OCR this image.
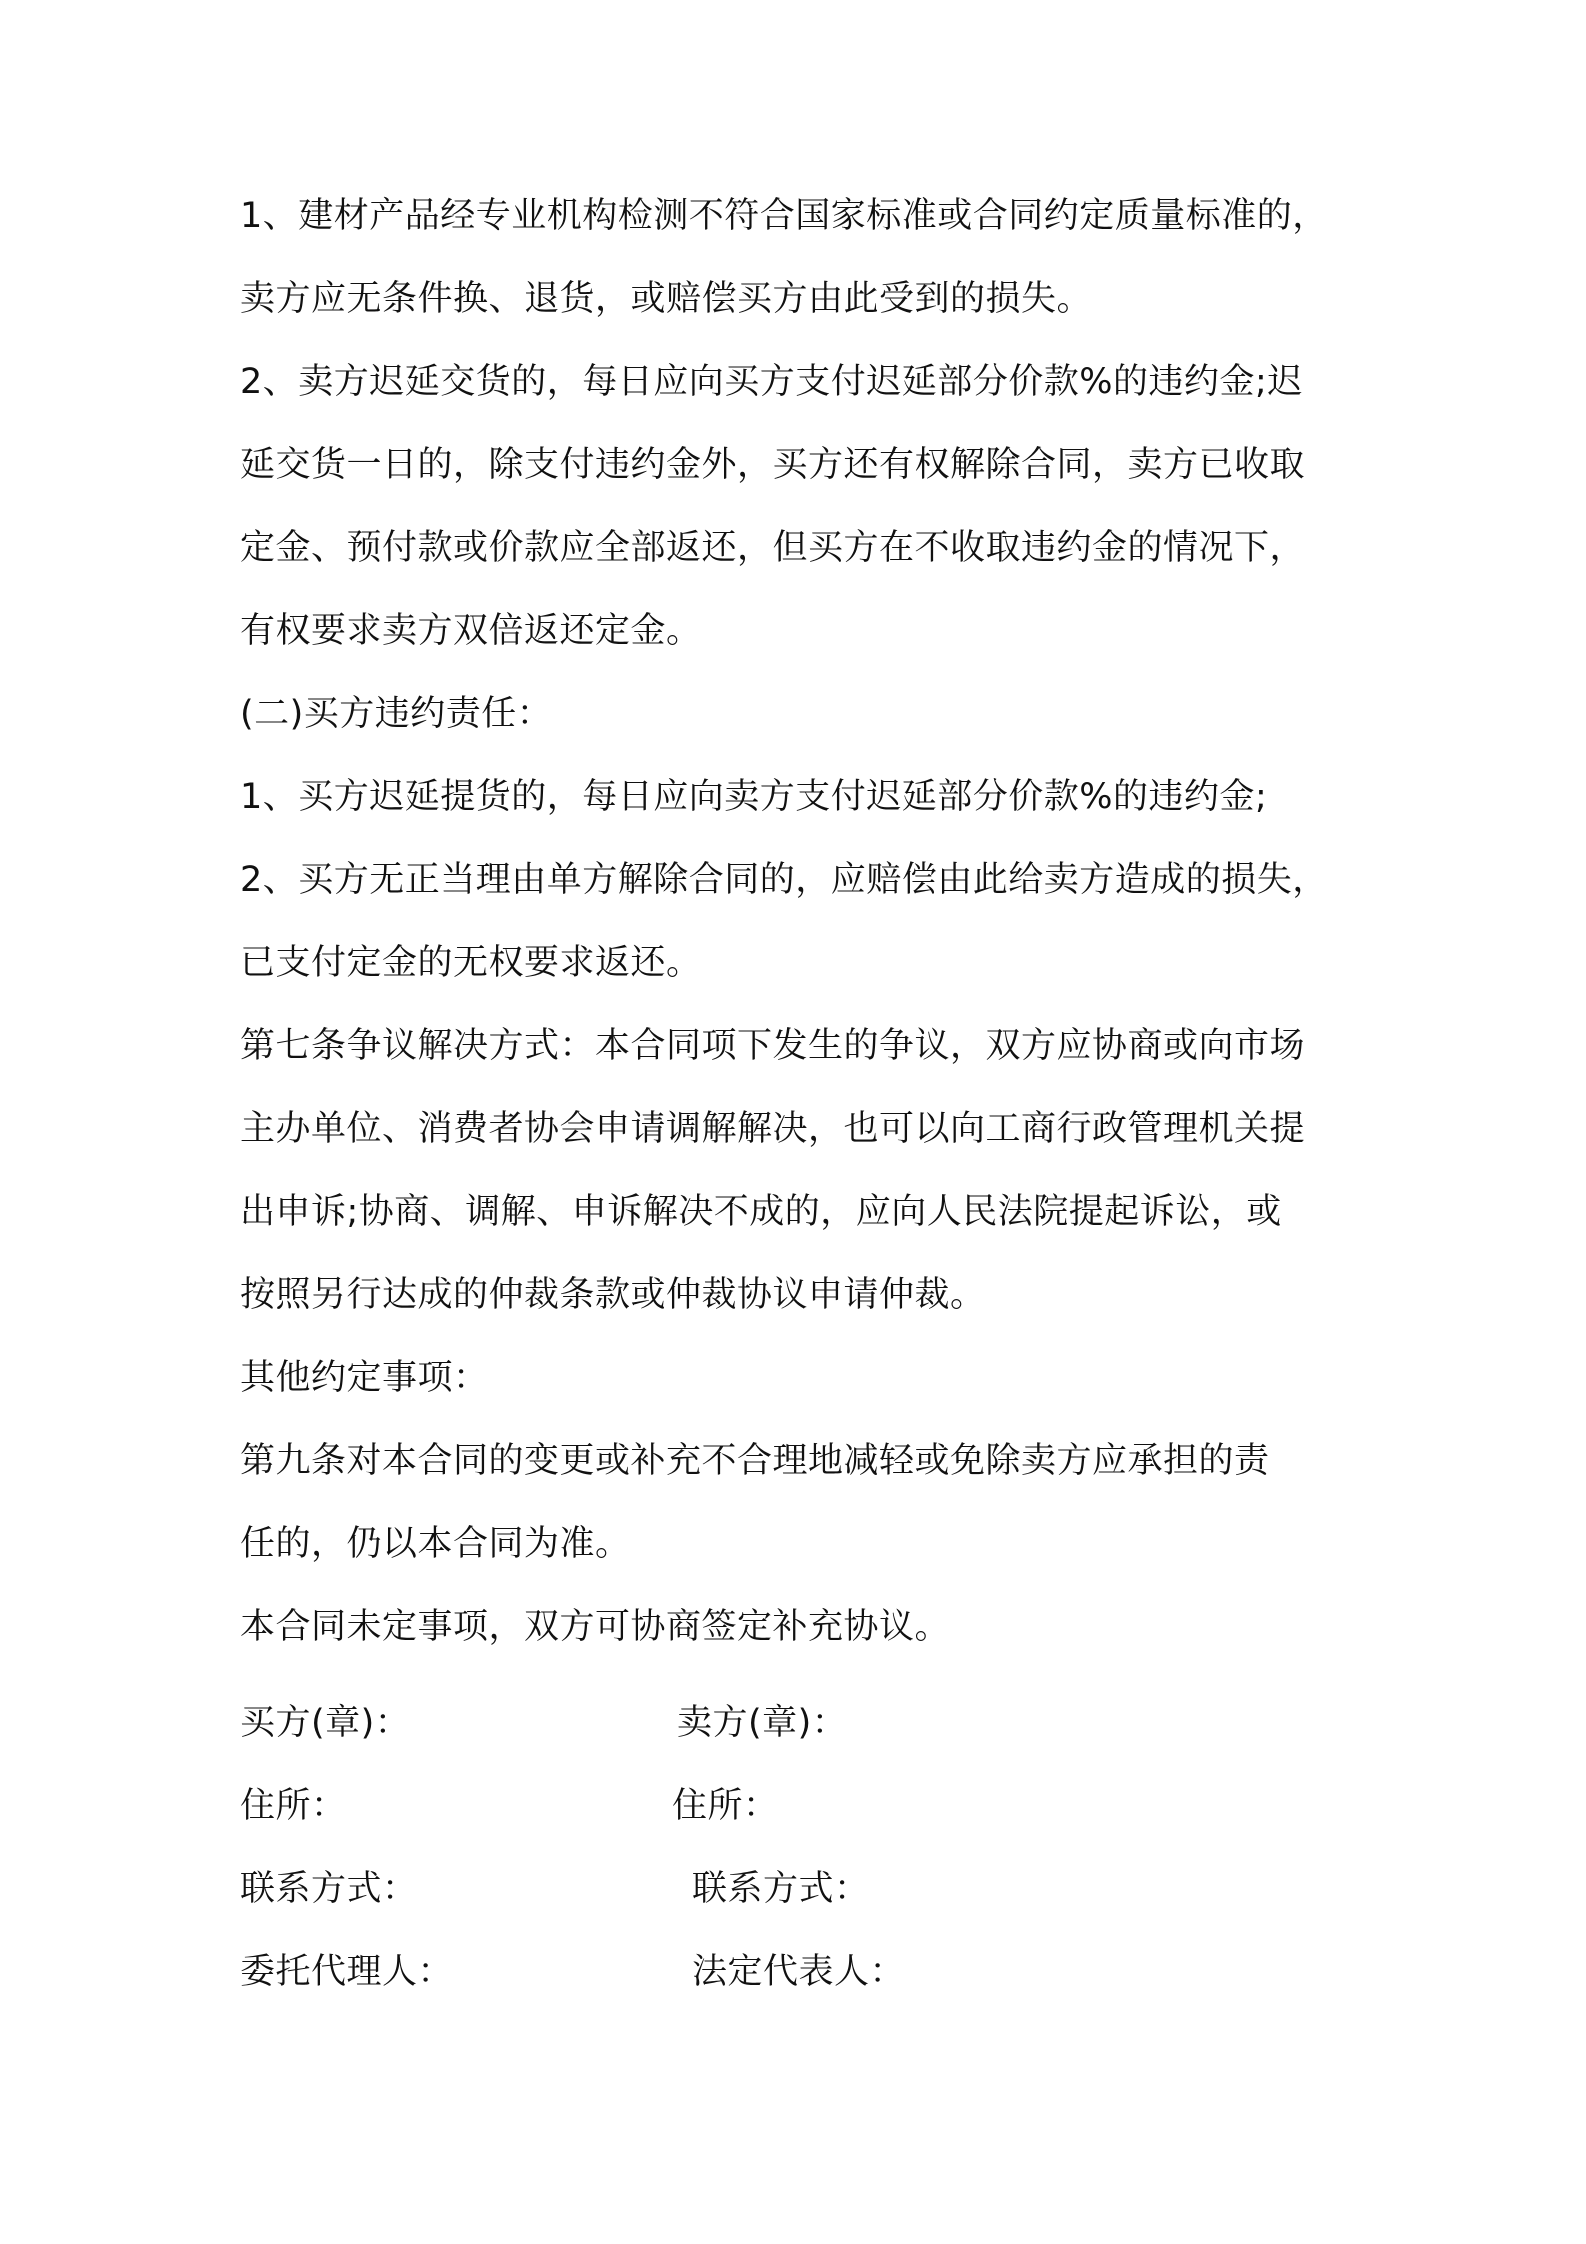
1、建材产品经专业机构检测不符合国家标准或合同约定质量标准的，
卖方应无条件换、退货，或赔偿买方由此受到的损失。
2、卖方迟延交货的，每日应向买方支付迟延部分价款%的违约金;迟
延交货一日的，除支付违约金外，买方还有权解除合同，卖方已收取
定金、预付款或价款应全部返还，但买方在不收取违约金的情况下，
有权要求卖方双倍返还定金。
(二)买方违约责任：
1、买方迟延提货的，每日应向卖方支付迟延部分价款%的违约金;
2、买方无正当理由单方解除合同的，应赔偿由此给卖方造成的损失，
已支付定金的无权要求返还。
第七条争议解决方式：本合同项下发生的争议，双方应协商或向市场
主办单位、消费者协会申请调解解决，也可以向工商行政管理机关提
出申诉;协商、调解、申诉解决不成的，应向人民法院提起诉讼，或
按照另行达成的仲裁条款或仲裁协议申请仲裁。
其他约定事项：
第九条对本合同的变更或补充不合理地减轻或免除卖方应承担的责
任的，仍以本合同为准。
本合同未定事项，双方可协商签定补充协议。
买方(章)：	卖方(章)：
住所：	住所：
联系方式：	联系方式：
委托代理人：	法定代表人：
